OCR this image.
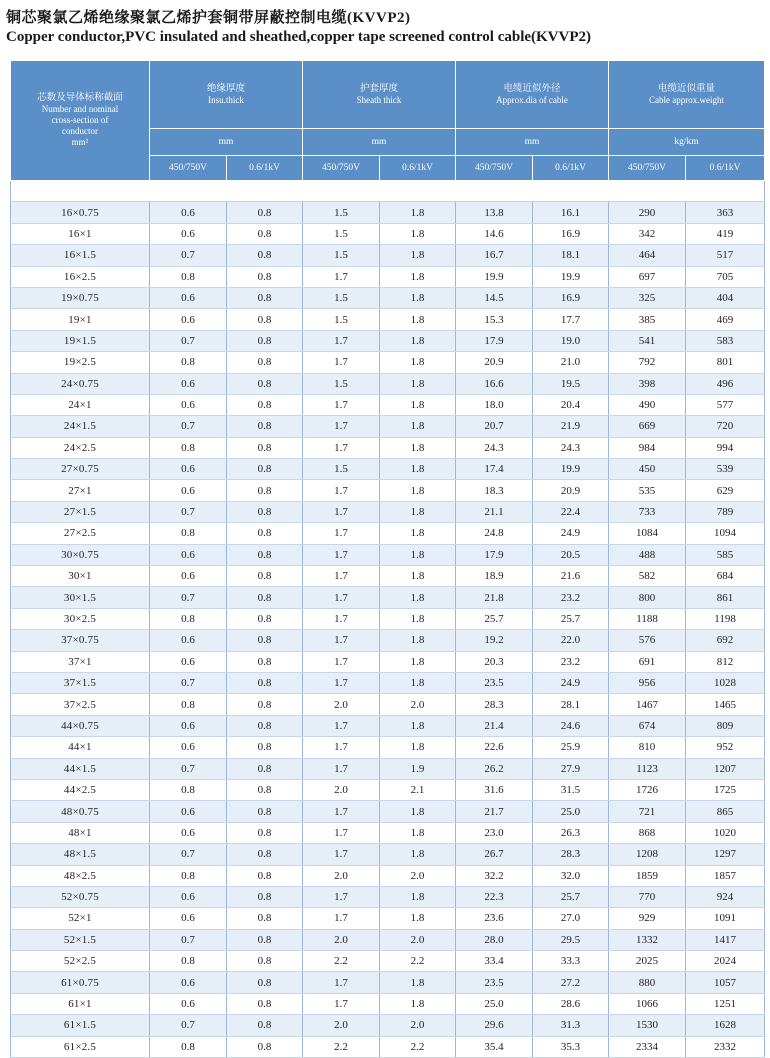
铜芯聚氯乙烯绝缘聚氯乙烯护套铜带屏蔽控制电缆(KVVP2)
Copper conductor,PVC insulated and sheathed,copper tape screened control cable(KVVP2)
芯数及导体标称截面
Number and nominal
cross-section of
conductor
mm²	绝缘厚度
Insu.thick		护套厚度
Sheath thick		电缆近似外径
Approx.dia of cable		电缆近似重量
Cable approx.weight	

	mm		mm		mm		kg/km	
	450/750V	0.6/1kV	450/750V	0.6/1kV	450/750V	0.6/1kV	450/750V	0.6/1kV

16×0.75	0.6	0.8	1.5	1.8	13.8	16.1	290	363
16×1	0.6	0.8	1.5	1.8	14.6	16.9	342	419
16×1.5	0.7	0.8	1.5	1.8	16.7	18.1	464	517
16×2.5	0.8	0.8	1.7	1.8	19.9	19.9	697	705
19×0.75	0.6	0.8	1.5	1.8	14.5	16.9	325	404
19×1	0.6	0.8	1.5	1.8	15.3	17.7	385	469
19×1.5	0.7	0.8	1.7	1.8	17.9	19.0	541	583
19×2.5	0.8	0.8	1.7	1.8	20.9	21.0	792	801
24×0.75	0.6	0.8	1.5	1.8	16.6	19.5	398	496
24×1	0.6	0.8	1.7	1.8	18.0	20.4	490	577
24×1.5	0.7	0.8	1.7	1.8	20.7	21.9	669	720
24×2.5	0.8	0.8	1.7	1.8	24.3	24.3	984	994
27×0.75	0.6	0.8	1.5	1.8	17.4	19.9	450	539
27×1	0.6	0.8	1.7	1.8	18.3	20.9	535	629
27×1.5	0.7	0.8	1.7	1.8	21.1	22.4	733	789
27×2.5	0.8	0.8	1.7	1.8	24.8	24.9	1084	1094
30×0.75	0.6	0.8	1.7	1.8	17.9	20.5	488	585
30×1	0.6	0.8	1.7	1.8	18.9	21.6	582	684
30×1.5	0.7	0.8	1.7	1.8	21.8	23.2	800	861
30×2.5	0.8	0.8	1.7	1.8	25.7	25.7	1188	1198
37×0.75	0.6	0.8	1.7	1.8	19.2	22.0	576	692
37×1	0.6	0.8	1.7	1.8	20.3	23.2	691	812
37×1.5	0.7	0.8	1.7	1.8	23.5	24.9	956	1028
37×2.5	0.8	0.8	2.0	2.0	28.3	28.1	1467	1465
44×0.75	0.6	0.8	1.7	1.8	21.4	24.6	674	809
44×1	0.6	0.8	1.7	1.8	22.6	25.9	810	952
44×1.5	0.7	0.8	1.7	1.9	26.2	27.9	1123	1207
44×2.5	0.8	0.8	2.0	2.1	31.6	31.5	1726	1725
48×0.75	0.6	0.8	1.7	1.8	21.7	25.0	721	865
48×1	0.6	0.8	1.7	1.8	23.0	26.3	868	1020
48×1.5	0.7	0.8	1.7	1.8	26.7	28.3	1208	1297
48×2.5	0.8	0.8	2.0	2.0	32.2	32.0	1859	1857
52×0.75	0.6	0.8	1.7	1.8	22.3	25.7	770	924
52×1	0.6	0.8	1.7	1.8	23.6	27.0	929	1091
52×1.5	0.7	0.8	2.0	2.0	28.0	29.5	1332	1417
52×2.5	0.8	0.8	2.2	2.2	33.4	33.3	2025	2024
61×0.75	0.6	0.8	1.7	1.8	23.5	27.2	880	1057
61×1	0.6	0.8	1.7	1.8	25.0	28.6	1066	1251
61×1.5	0.7	0.8	2.0	2.0	29.6	31.3	1530	1628
61×2.5	0.8	0.8	2.2	2.2	35.4	35.3	2334	2332
